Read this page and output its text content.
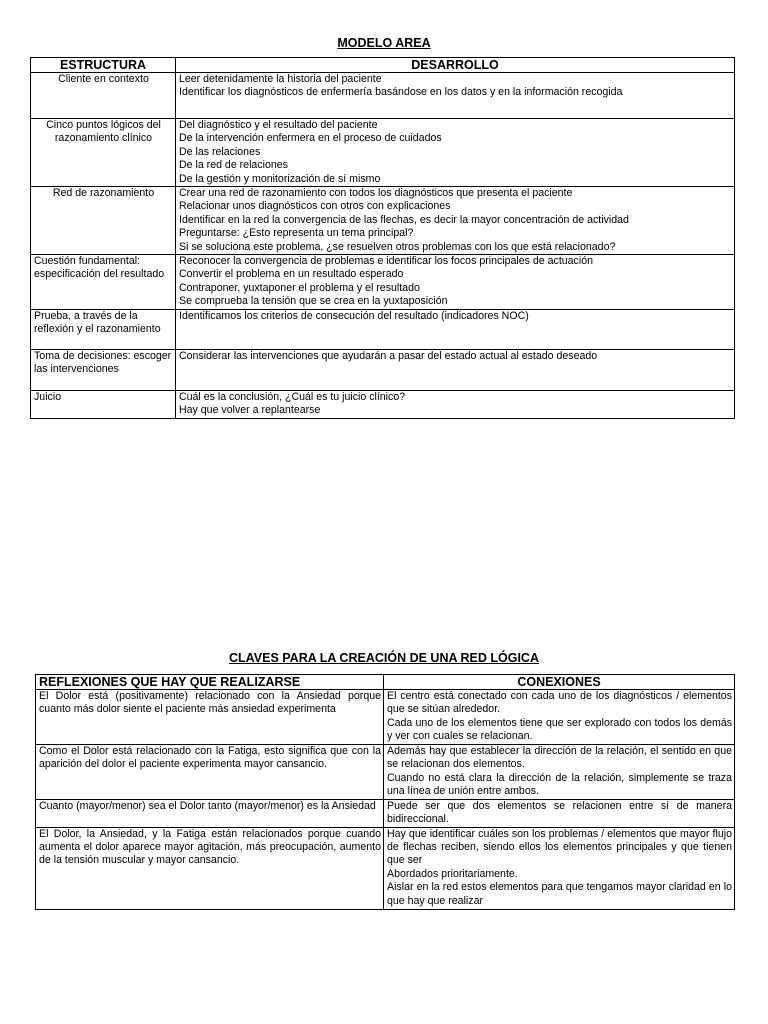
MODELO AREA
ESTRUCTURA	DESARROLLO
Cliente en contexto	Leer detenidamente la historia del paciente
Identificar los diagnósticos de enfermería basándose en los datos y en la información recogida

Cinco puntos lógicos del razonamiento clínico	Del diagnóstico y el resultado del paciente
De la intervención enfermera en el proceso de cuidados
De las relaciones
De la red de relaciones
De la gestión y monitorización de sí mismo

Red de razonamiento	Crear una red de razonamiento con todos los diagnósticos que presenta el paciente
Relacionar unos diagnósticos con otros con explicaciones
Identificar en la red la convergencia de las flechas, es decir la mayor concentración de actividad
Preguntarse: ¿Esto representa un tema principal?
Si se soluciona este problema, ¿se resuelven otros problemas con los que está relacionado?

Cuestión fundamental: especificación del resultado	Reconocer la convergencia de problemas e identificar los focos principales de actuación
Convertir el problema en un resultado esperado
Contraponer, yuxtaponer el problema y el resultado
Se comprueba la tensión que se crea en la yuxtaposición

Prueba, a través de la reflexión y el razonamiento	Identificamos los criterios de consecución del resultado (indicadores NOC)

Toma de decisiones: escoger las intervenciones	Considerar las intervenciones que ayudarán a pasar del estado actual al estado deseado

Juicio	Cuál es la conclusión, ¿Cuál es tu juicio clínico?
Hay que volver a replantearse
CLAVES PARA LA CREACIÓN DE UNA RED LÓGICA
REFLEXIONES QUE HAY QUE REALIZARSE	CONEXIONES
El Dolor está (positivamente) relacionado con la Ansiedad porque cuanto más dolor siente el paciente más ansiedad experimenta	El centro está conectado con cada uno de los diagnósticos / elementos que se sitúan alrededor.
Cada uno de los elementos tiene que ser explorado con todos los demás y ver con cuales se relacionan.

Como el Dolor está relacionado con la Fatiga, esto significa que con la aparición del dolor el paciente experimenta mayor cansancio.	Además hay que establecer la dirección de la relación, el sentido en que se relacionan dos elementos.
Cuando no está clara la dirección de la relación, simplemente se traza una línea de unión entre ambos.

Cuanto (mayor/menor) sea el Dolor tanto (mayor/menor) es la Ansiedad	Puede ser que dos elementos se relacionen entre sí de manera bidireccional.

El Dolor, la Ansiedad, y la Fatiga están relacionados porque cuando aumenta el dolor aparece mayor agitación, más preocupación, aumento de la tensión muscular y mayor cansancio.	Hay que identificar cuáles son los problemas / elementos que mayor flujo de flechas reciben, siendo ellos los elementos principales y que tienen que ser
Abordados prioritariamente.
Aislar en la red estos elementos para que tengamos mayor claridad en lo que hay que realizar
